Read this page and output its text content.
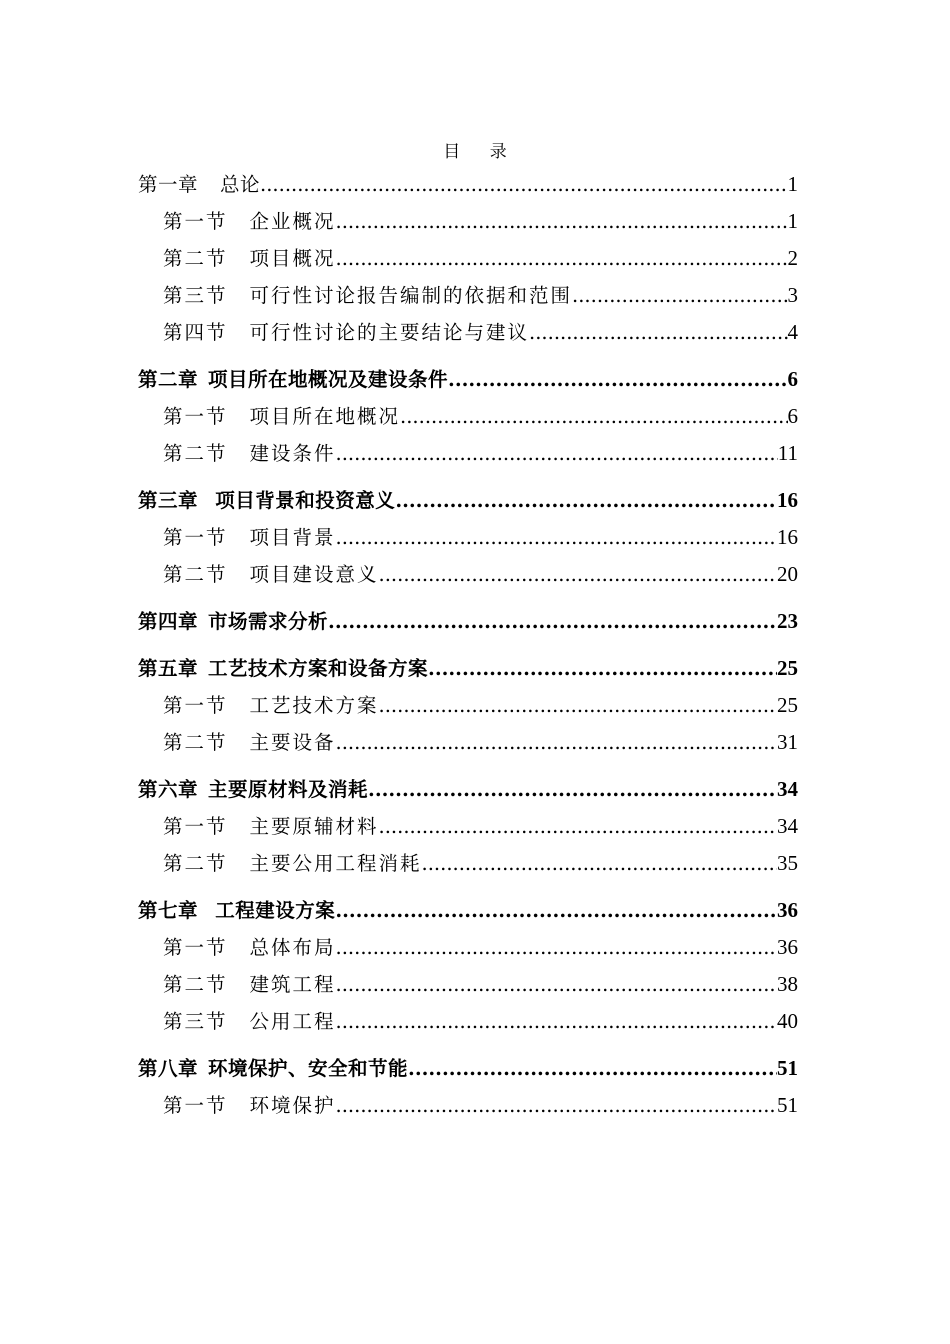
目 录
第一章 总论 .....	1
第一节 企业概况 .....	1
第二节 项目概况 .....	2
第三节 可行性讨论报告编制的依据和范围 .....	3
第四节 可行性讨论的主要结论与建议 .....	4
第二章 项目所在地概况及建设条件 .....	6
第一节 项目所在地概况 .....	6
第二节 建设条件 .....	11
第三章 项目背景和投资意义 .....	16
第一节 项目背景 .....	16
第二节 项目建设意义 .....	20
第四章 市场需求分析 .....	23
第五章 工艺技术方案和设备方案 .....	25
第一节 工艺技术方案 .....	25
第二节 主要设备 .....	31
第六章 主要原材料及消耗 .....	34
第一节 主要原辅材料 .....	34
第二节 主要公用工程消耗 .....	35
第七章 工程建设方案 .....	36
第一节 总体布局 .....	36
第二节 建筑工程 .....	38
第三节 公用工程 .....	40
第八章 环境保护、安全和节能 .....	51
第一节 环境保护 .....	51
